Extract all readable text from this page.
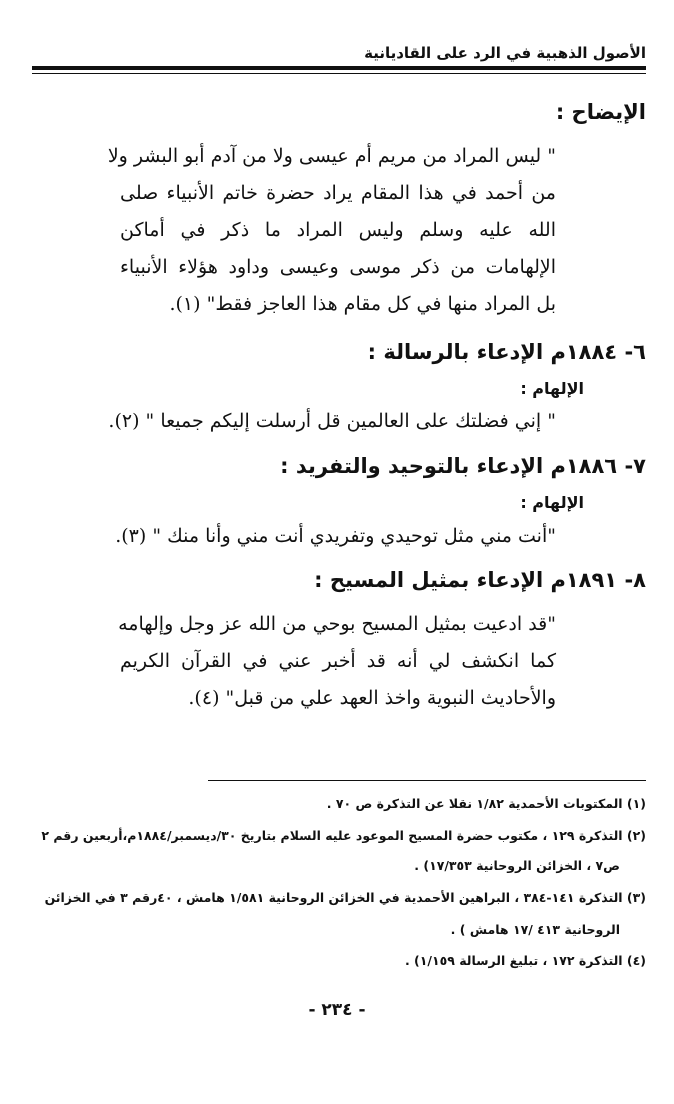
الأصول الذهبية في الرد على القاديانية
الإيضاح :
" ليس المراد من مريم أم عيسى ولا من آدم أبو البشر ولا
من أحمد في هذا المقام يراد حضرة خاتم الأنبياء صلى
الله عليه وسلم وليس المراد ما ذكر في أماكن
الإلهامات من ذكر موسى وعيسى وداود هؤلاء الأنبياء
بل المراد منها في كل مقام هذا العاجز فقط" (١).
٦- ١٨٨٤م الإدعاء بالرسالة :
الإلهام :
" إني فضلتك على العالمين قل أرسلت إليكم جميعا " (٢).
٧- ١٨٨٦م الإدعاء بالتوحيد والتفريد :
الإلهام :
"أنت مني مثل توحيدي وتفريدي أنت مني وأنا منك " (٣).
٨- ١٨٩١م الإدعاء بمثيل المسيح :
"قد ادعيت بمثيل المسيح بوحي من الله عز وجل وإلهامه
كما انكشف لي أنه قد أخبر عني في القرآن الكريم
والأحاديث النبوية واخذ العهد علي من قبل" (٤).
(١) المكتوبات الأحمدية ١/٨٢ نقلا عن التذكرة ص ٧٠ .
(٢) التذكرة ١٢٩ ، مكتوب حضرة المسيح الموعود عليه السلام بتاريخ ٣٠/ديسمبر/١٨٨٤م،أربعين رقم ٢
ص٧ ، الخزائن الروحانية ١٧/٣٥٣) .
(٣) التذكرة ١٤١-٣٨٤ ، البراهين الأحمدية في الخزائن الروحانية ١/٥٨١ هامش ، ٤٠رقم ٣ في الخزائن
الروحانية ٤١٣ /١٧ هامش ) .
(٤) التذكرة ١٧٢ ، تبليغ الرسالة ١/١٥٩) .
- ٢٣٤ -
